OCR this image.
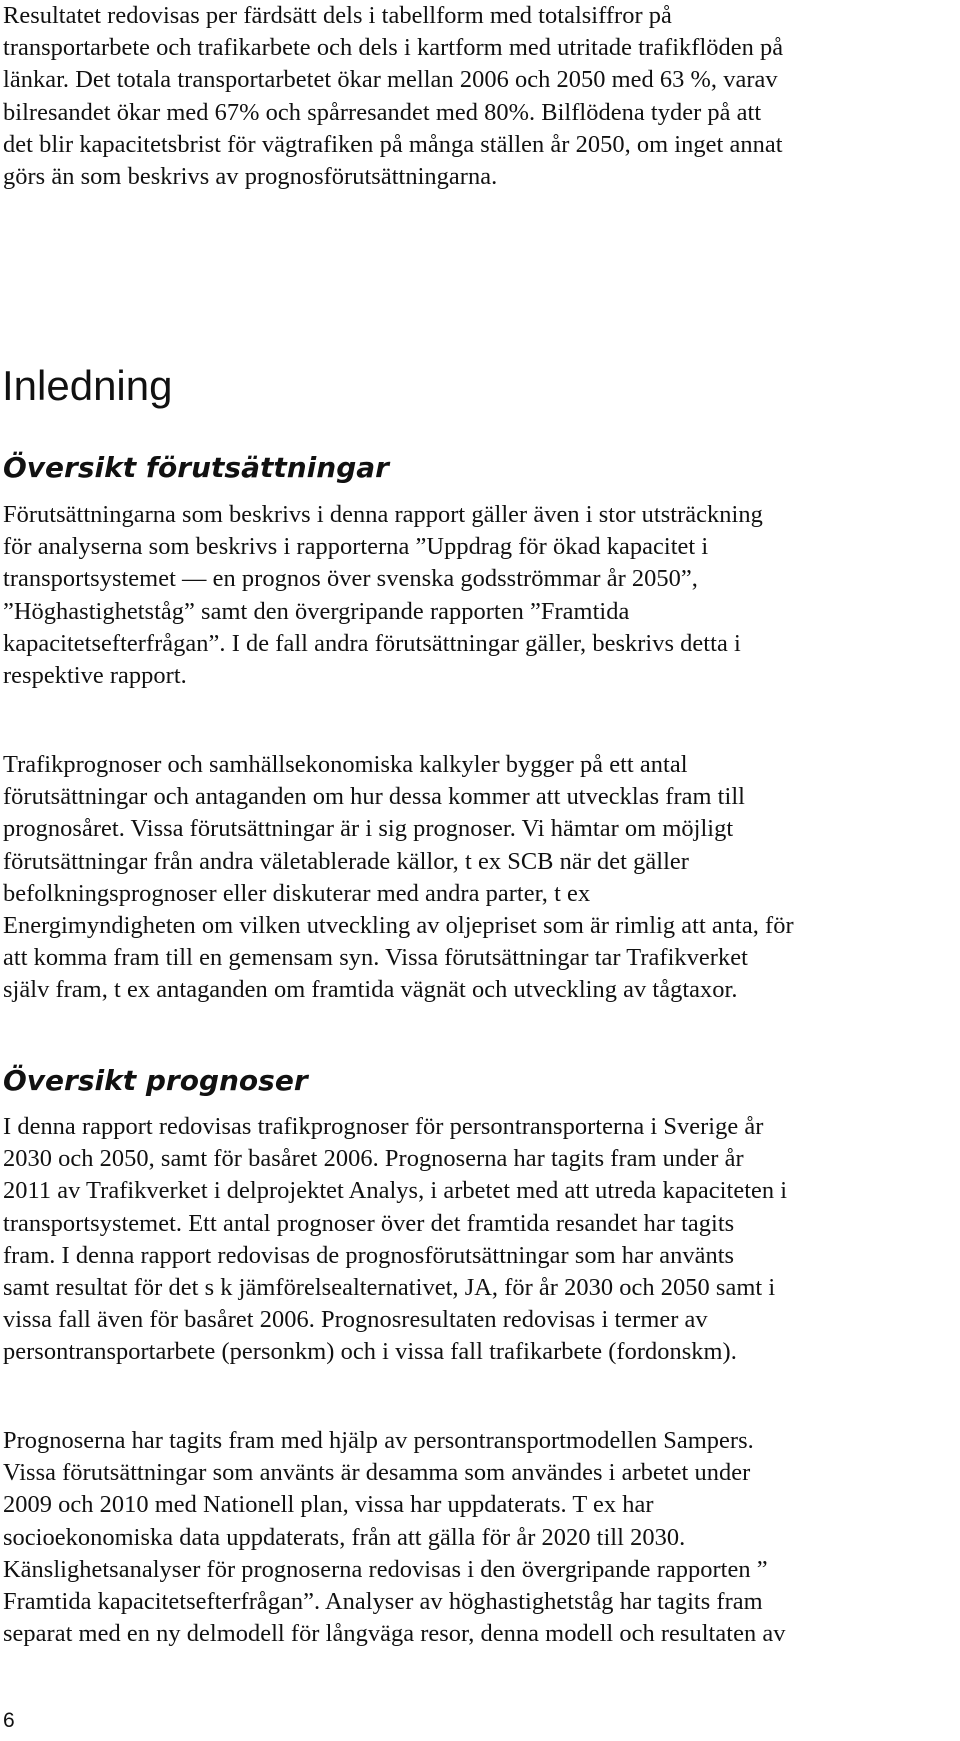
Resultatet redovisas per färdsätt dels i tabellform med totalsiffror på
transportarbete och trafikarbete och dels i kartform med utritade trafikflöden på
länkar. Det totala transportarbetet ökar mellan 2006 och 2050 med 63 %, varav
bilresandet ökar med 67% och spårresandet med 80%. Bilflödena tyder på att
det blir kapacitetsbrist för vägtrafiken på många ställen år 2050, om inget annat
görs än som beskrivs av prognosförutsättningarna.
Inledning
Översikt förutsättningar
Förutsättningarna som beskrivs i denna rapport gäller även i stor utsträckning
för analyserna som beskrivs i rapporterna ”Uppdrag för ökad kapacitet i
transportsystemet — en prognos över svenska godsströmmar år 2050”,
”Höghastighetståg” samt den övergripande rapporten ”Framtida
kapacitetsefterfrågan”. I de fall andra förutsättningar gäller, beskrivs detta i
respektive rapport.
Trafikprognoser och samhällsekonomiska kalkyler bygger på ett antal
förutsättningar och antaganden om hur dessa kommer att utvecklas fram till
prognosåret. Vissa förutsättningar är i sig prognoser. Vi hämtar om möjligt
förutsättningar från andra väletablerade källor, t ex SCB när det gäller
befolkningsprognoser eller diskuterar med andra parter, t ex
Energimyndigheten om vilken utveckling av oljepriset som är rimlig att anta, för
att komma fram till en gemensam syn. Vissa förutsättningar tar Trafikverket
själv fram, t ex antaganden om framtida vägnät och utveckling av tågtaxor.
Översikt prognoser
I denna rapport redovisas trafikprognoser för persontransporterna i Sverige år
2030 och 2050, samt för basåret 2006. Prognoserna har tagits fram under år
2011 av Trafikverket i delprojektet Analys, i arbetet med att utreda kapaciteten i
transportsystemet. Ett antal prognoser över det framtida resandet har tagits
fram. I denna rapport redovisas de prognosförutsättningar som har använts
samt resultat för det s k jämförelsealternativet, JA, för år 2030 och 2050 samt i
vissa fall även för basåret 2006. Prognosresultaten redovisas i termer av
persontransportarbete (personkm) och i vissa fall trafikarbete (fordonskm).
Prognoserna har tagits fram med hjälp av persontransportmodellen Sampers.
Vissa förutsättningar som använts är desamma som användes i arbetet under
2009 och 2010 med Nationell plan, vissa har uppdaterats. T ex har
socioekonomiska data uppdaterats, från att gälla för år 2020 till 2030.
Känslighetsanalyser för prognoserna redovisas i den övergripande rapporten ”
Framtida kapacitetsefterfrågan”. Analyser av höghastighetståg har tagits fram
separat med en ny delmodell för långväga resor, denna modell och resultaten av
6
